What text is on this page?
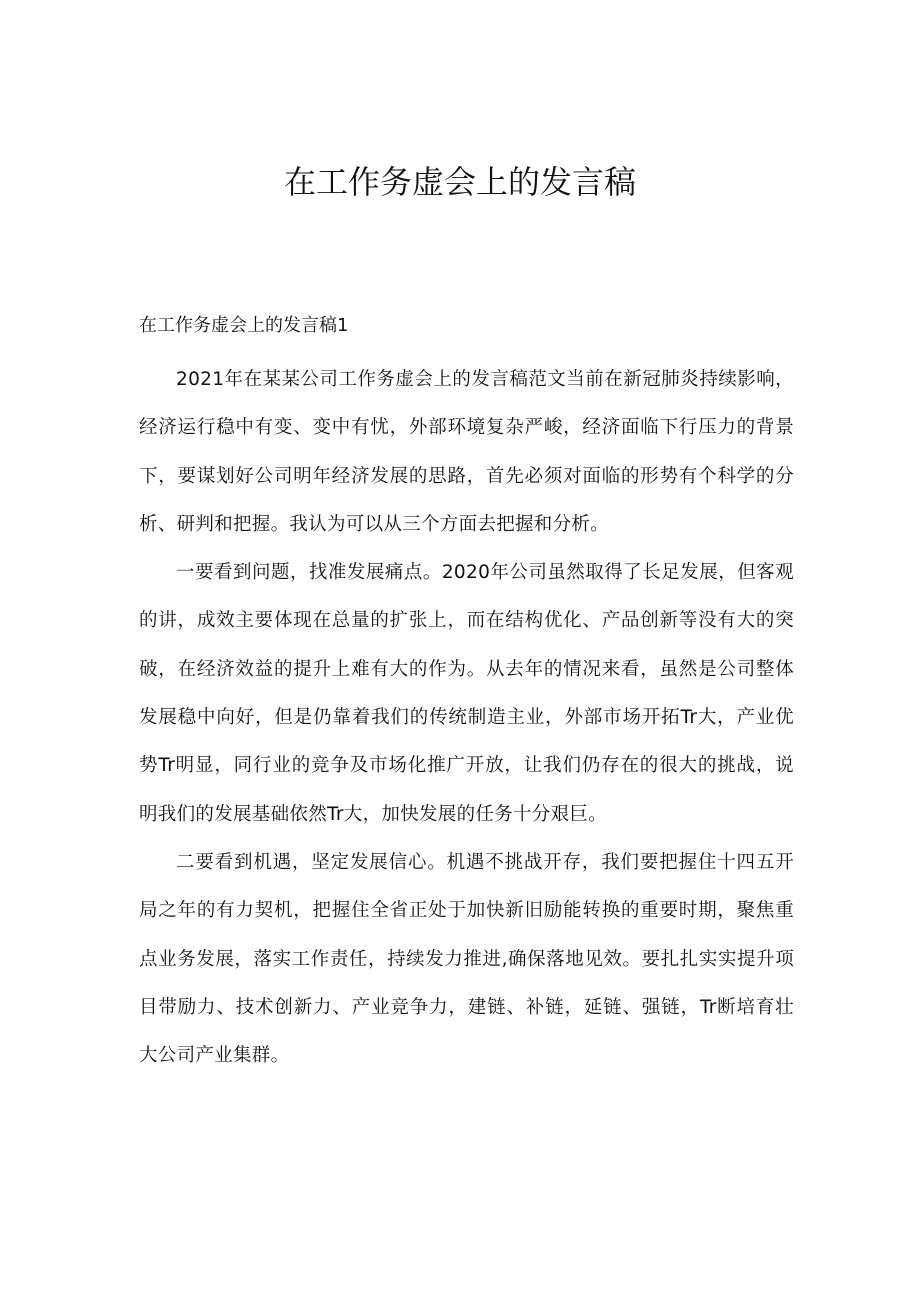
在工作务虚会上的发言稿

在工作务虚会上的发言稿1

2021年在某某公司工作务虚会上的发言稿范文当前在新冠肺炎持续影响，经济运行稳中有变、变中有忧，外部环境复杂严峻，经济面临下行压力的背景下，要谋划好公司明年经济发展的思路，首先必须对面临的形势有个科学的分析、研判和把握。我认为可以从三个方面去把握和分析。

一要看到问题，找准发展痛点。2020年公司虽然取得了长足发展，但客观的讲，成效主要体现在总量的扩张上，而在结构优化、产品创新等没有大的突破，在经济效益的提升上难有大的作为。从去年的情况来看，虽然是公司整体发展稳中向好，但是仍靠着我们的传统制造主业，外部市场开拓Tr大，产业优势Tr明显，同行业的竞争及市场化推广开放，让我们仍存在的很大的挑战，说明我们的发展基础依然Tr大，加快发展的任务十分艰巨。

二要看到机遇，坚定发展信心。机遇不挑战开存，我们要把握住十四五开局之年的有力契机，把握住全省正处于加快新旧励能转换的重要时期，聚焦重点业务发展，落实工作责任，持续发力推进,确保落地见效。要扎扎实实提升项目带励力、技术创新力、产业竞争力，建链、补链，延链、强链，Tr断培育壮大公司产业集群。
